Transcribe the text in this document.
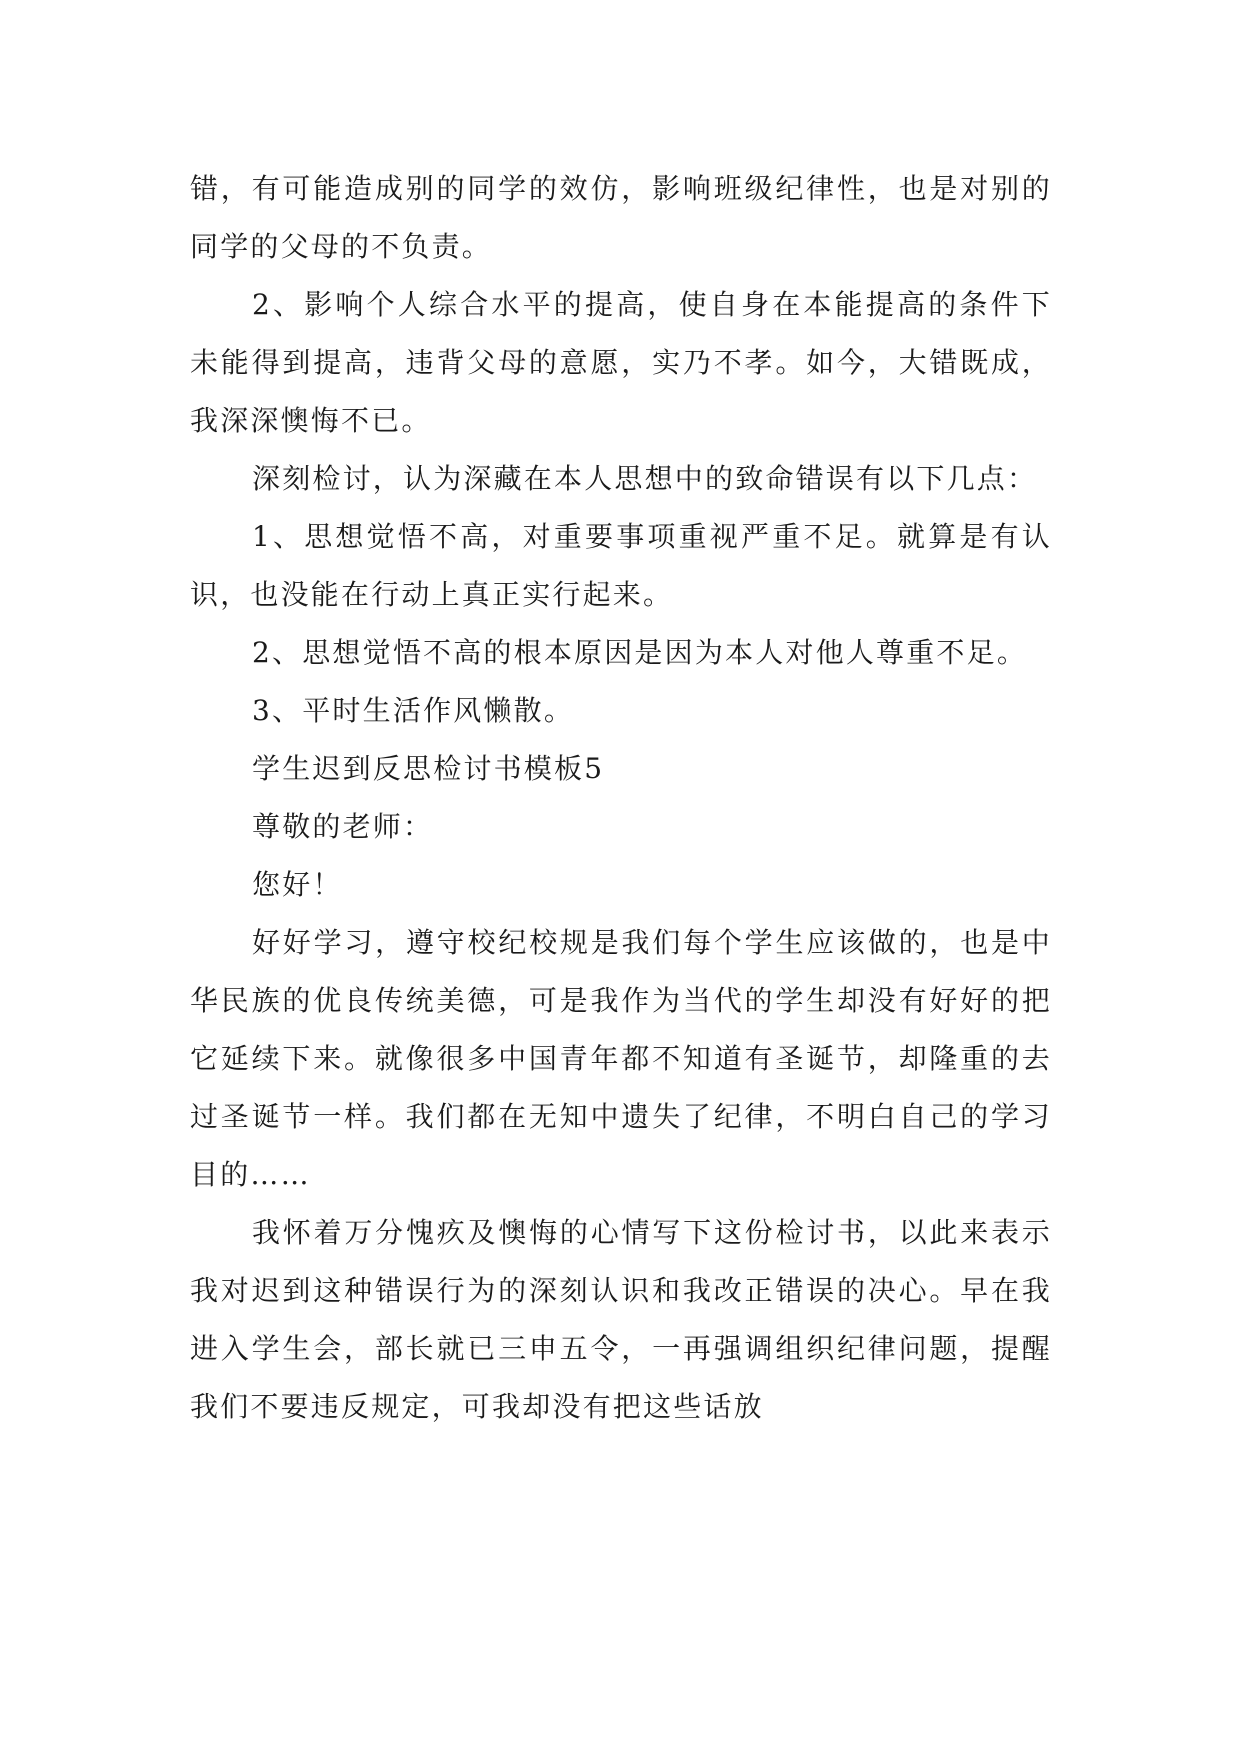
错，有可能造成别的同学的效仿，影响班级纪律性，也是对别的同学的父母的不负责。

2、影响个人综合水平的提高，使自身在本能提高的条件下未能得到提高，违背父母的意愿，实乃不孝。如今，大错既成，我深深懊悔不已。

深刻检讨，认为深藏在本人思想中的致命错误有以下几点：

1、思想觉悟不高，对重要事项重视严重不足。就算是有认识，也没能在行动上真正实行起来。

2、思想觉悟不高的根本原因是因为本人对他人尊重不足。

3、平时生活作风懒散。

学生迟到反思检讨书模板5

尊敬的老师：

您好！

好好学习，遵守校纪校规是我们每个学生应该做的，也是中华民族的优良传统美德，可是我作为当代的学生却没有好好的把它延续下来。就像很多中国青年都不知道有圣诞节，却隆重的去过圣诞节一样。我们都在无知中遗失了纪律，不明白自己的学习目的……

我怀着万分愧疚及懊悔的心情写下这份检讨书，以此来表示我对迟到这种错误行为的深刻认识和我改正错误的决心。早在我进入学生会，部长就已三申五令，一再强调组织纪律问题，提醒我们不要违反规定，可我却没有把这些话放
